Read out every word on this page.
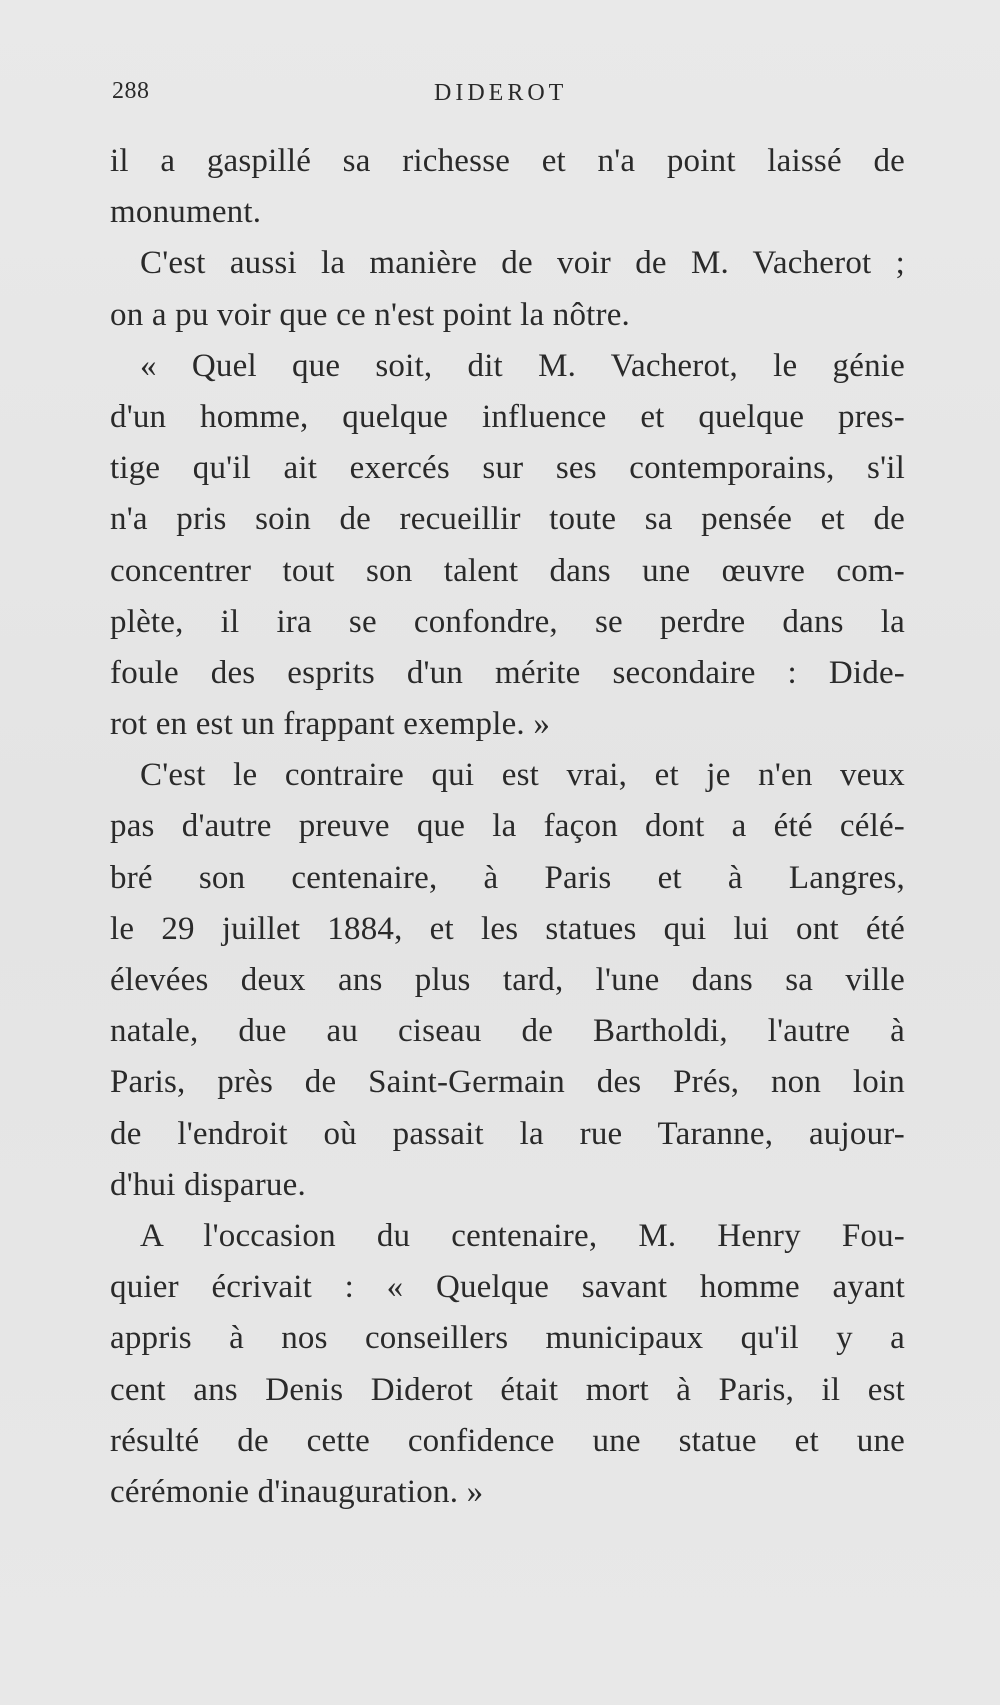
288	DIDEROT
il a gaspillé sa richesse et n'a point laissé de
monument.
C'est aussi la manière de voir de M. Vacherot ;
on a pu voir que ce n'est point la nôtre.
« Quel que soit, dit M. Vacherot, le génie
d'un homme, quelque influence et quelque pres-
tige qu'il ait exercés sur ses contemporains, s'il
n'a pris soin de recueillir toute sa pensée et de
concentrer tout son talent dans une œuvre com-
plète, il ira se confondre, se perdre dans la
foule des esprits d'un mérite secondaire : Dide-
rot en est un frappant exemple. »
C'est le contraire qui est vrai, et je n'en veux
pas d'autre preuve que la façon dont a été célé-
bré son centenaire, à Paris et à Langres,
le 29 juillet 1884, et les statues qui lui ont été
élevées deux ans plus tard, l'une dans sa ville
natale, due au ciseau de Bartholdi, l'autre à
Paris, près de Saint-Germain des Prés, non loin
de l'endroit où passait la rue Taranne, aujour-
d'hui disparue.
A l'occasion du centenaire, M. Henry Fou-
quier écrivait : « Quelque savant homme ayant
appris à nos conseillers municipaux qu'il y a
cent ans Denis Diderot était mort à Paris, il est
résulté de cette confidence une statue et une
cérémonie d'inauguration. »
